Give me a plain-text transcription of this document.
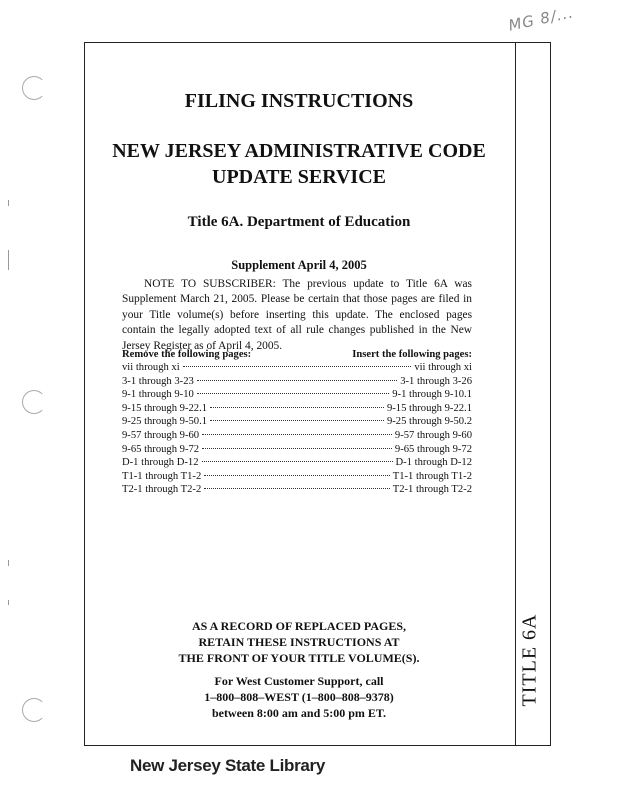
MG 8/...
TITLE 6A
FILING INSTRUCTIONS
NEW JERSEY ADMINISTRATIVE CODE
UPDATE SERVICE
Title 6A. Department of Education
Supplement April 4, 2005
NOTE TO SUBSCRIBER: The previous update to Title 6A was Supplement March 21, 2005. Please be certain that those pages are filed in your Title volume(s) before inserting this update. The enclosed pages contain the legally adopted text of all rule changes published in the New Jersey Register as of April 4, 2005.
Remove the following pages:	Insert the following pages:
vii through xi	vii through xi
3-1 through 3-23	3-1 through 3-26
9-1 through 9-10	9-1 through 9-10.1
9-15 through 9-22.1	9-15 through 9-22.1
9-25 through 9-50.1	9-25 through 9-50.2
9-57 through 9-60	9-57 through 9-60
9-65 through 9-72	9-65 through 9-72
D-1 through D-12	D-1 through D-12
T1-1 through T1-2	T1-1 through T1-2
T2-1 through T2-2	T2-1 through T2-2
AS A RECORD OF REPLACED PAGES,
RETAIN THESE INSTRUCTIONS AT
THE FRONT OF YOUR TITLE VOLUME(S).
For West Customer Support, call
1–800–808–WEST (1–800–808–9378)
between 8:00 am and 5:00 pm ET.
New Jersey State Library
